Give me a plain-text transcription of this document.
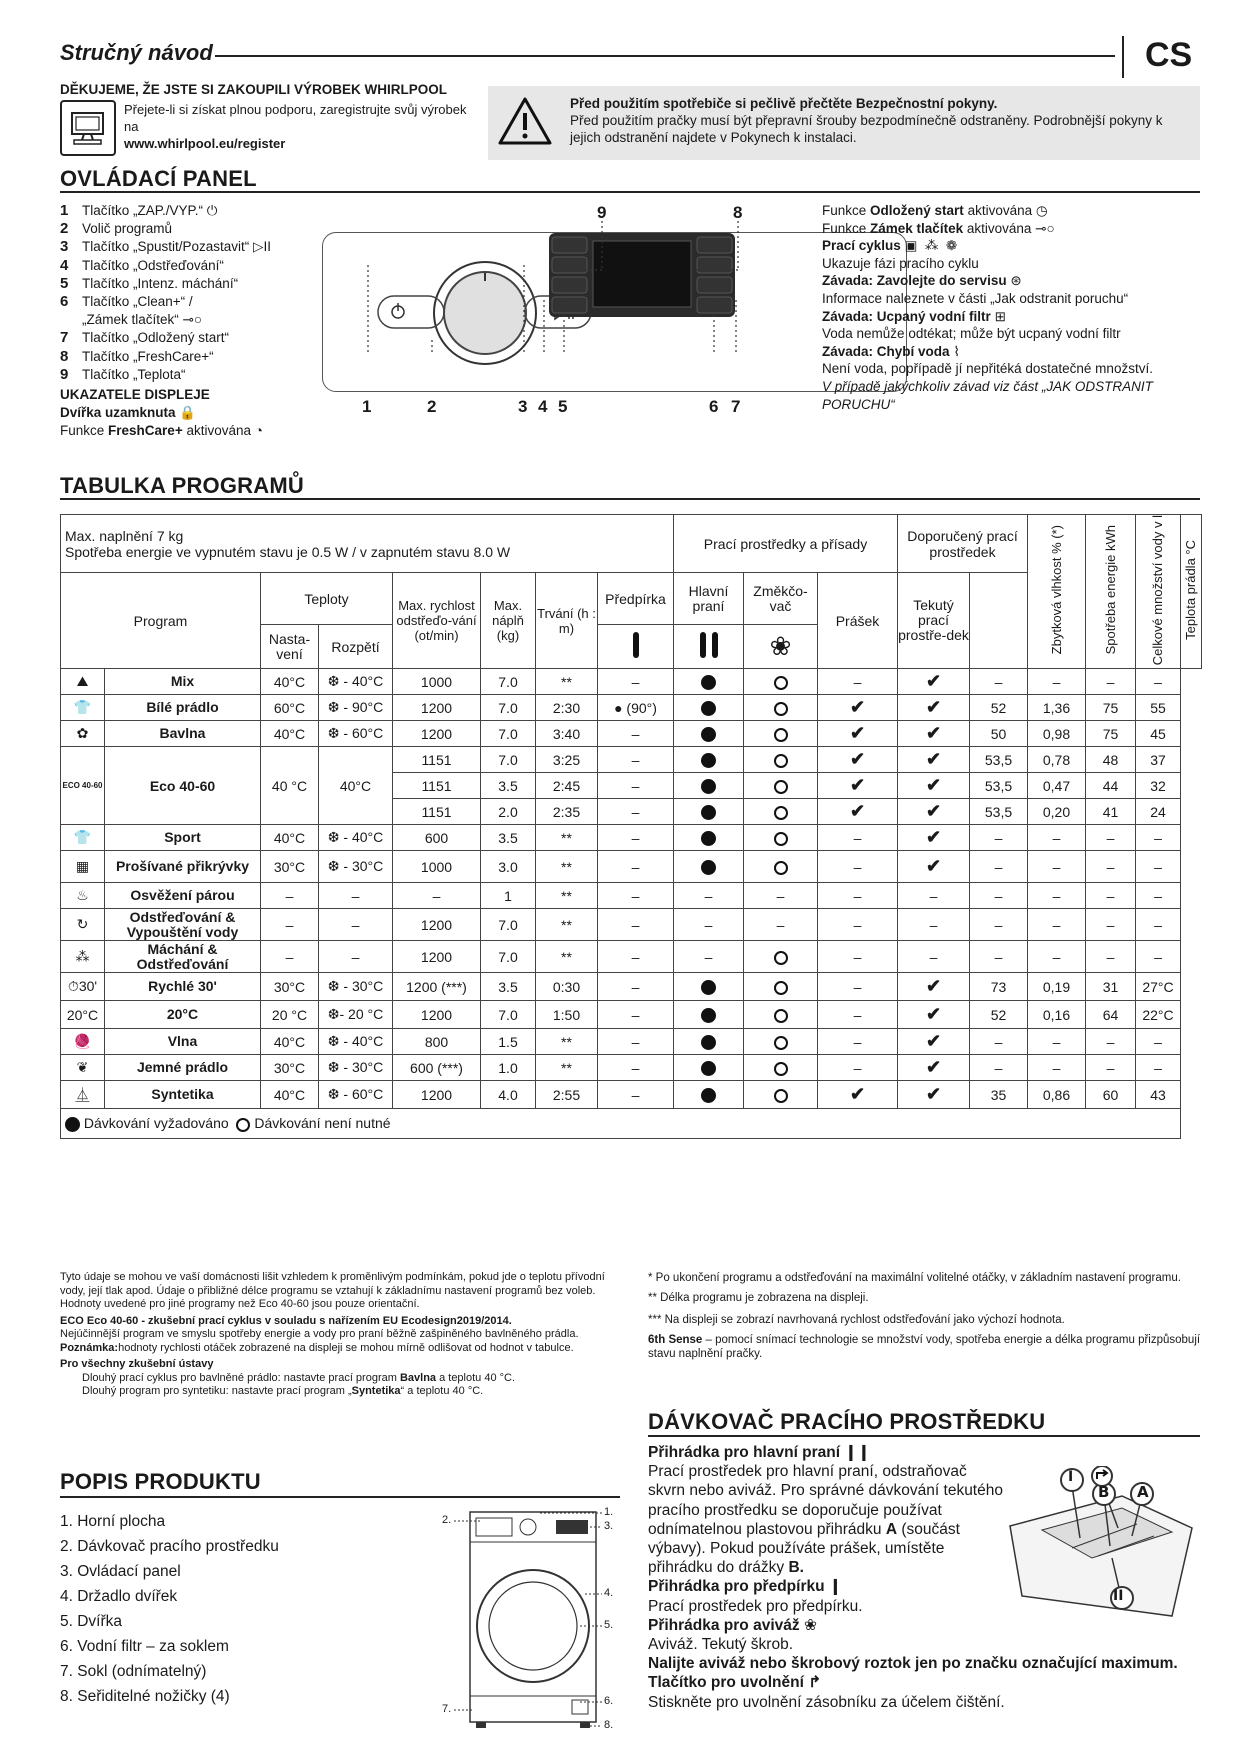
Stručný návod	CS
DĚKUJEME, ŽE JSTE SI ZAKOUPILI VÝROBEK WHIRLPOOL
Přejete-li si získat plnou podporu, zaregistrujte svůj výrobek na
www.whirlpool.eu/register
Před použitím spotřebiče si pečlivě přečtěte Bezpečnostní pokyny.
Před použitím pračky musí být přepravní šrouby bezpodmínečně odstraněny. Podrobnější pokyny k jejich odstranění najdete v Pokynech k instalaci.
OVLÁDACÍ PANEL
1 Tlačítko „ZAP./VYP.“ ⏻
2 Volič programů
3 Tlačítko „Spustit/Pozastavit“ ▷II
4 Tlačítko „Odstřeďování“
5 Tlačítko „Intenz. máchání“
6 Tlačítko „Clean+“ /
„Zámek tlačítek“ ⊸○
7 Tlačítko „Odložený start“
8 Tlačítko „FreshCare+“
9 Tlačítko „Teplota“
UKAZATELE DISPLEJE
Dvířka uzamknuta 🔒
Funkce FreshCare+ aktivována ◔
9	8
1	2	3 4 5	6 7
Funkce Odložený start aktivována ◷
Funkce Zámek tlačítek aktivována ⊸○
Prací cyklus ▣  ⁂  ❁
Ukazuje fázi pracího cyklu
Závada: Zavolejte do servisu ⊛
Informace naleznete v části „Jak odstranit poruchu“
Závada: Ucpaný vodní filtr ⊞
Voda nemůže odtékat; může být ucpaný vodní filtr
Závada: Chybí voda ⌇
Není voda, popřípadě jí nepřitéká dostatečné množství.
V případě jakýchkoliv závad viz část „JAK ODSTRANIT PORUCHU“
TABULKA PROGRAMŮ
Max. naplnění 7 kg
Spotřeba energie ve vypnutém stavu je 0.5 W / v zapnutém stavu 8.0 W								Prací prostředky a přísady			Doporučený prací prostředek		Zbytková vlhkost % (*)	Spotřeba energie kWh	Celkové množství vody v l	Teplota prádla °C
Program		Teploty		Max. rychlost odstřeďo-vání (ot/min)	Max. náplň (kg)	Trvání (h : m)	Předpírka	Hlavní praní	Změkčo-vač	Prášek	Tekutý prací prostře-dek					
		Nasta-vení	Rozpětí						❀							
⛰	Mix	40°C	❆ - 40°C	1000	7.0	**	–			–	✔	–	–	–	–	
👕	Bílé prádlo	60°C	❆ - 90°C	1200	7.0	2:30	● (90°)			✔	✔	52	1,36	75	55	
✿	Bavlna	40°C	❆ - 60°C	1200	7.0	3:40	–			✔	✔	50	0,98	75	45	
ECO 40-60	Eco 40-60	40 °C	40°C	1151	7.0	3:25	–			✔	✔	53,5	0,78	48	37	
				1151	3.5	2:45	–			✔	✔	53,5	0,47	44	32	
				1151	2.0	2:35	–			✔	✔	53,5	0,20	41	24	
👕	Sport	40°C	❆ - 40°C	600	3.5	**	–			–	✔	–	–	–	–	
▦	Prošívané přikrývky	30°C	❆ - 30°C	1000	3.0	**	–			–	✔	–	–	–	–	
♨	Osvěžení párou	–	–	–	1	**	–	–	–	–	–	–	–	–	–	
↻	Odstřeďování & Vypouštění vody	–	–	1200	7.0	**	–	–	–	–	–	–	–	–	–	
⁂	Máchání & Odstřeďování	–	–	1200	7.0	**	–	–		–	–	–	–	–	–	
⏱30'	Rychlé 30'	30°C	❆ - 30°C	1200 (***)	3.5	0:30	–			–	✔	73	0,19	31	27°C	
20°C	20°C	20 °C	❆- 20 °C	1200	7.0	1:50	–			–	✔	52	0,16	64	22°C	
🧶	Vlna	40°C	❆ - 40°C	800	1.5	**	–			–	✔	–	–	–	–	
❦	Jemné prádlo	30°C	❆ - 30°C	600 (***)	1.0	**	–			–	✔	–	–	–	–	
⏅	Syntetika	40°C	❆ - 60°C	1200	4.0	2:55	–			✔	✔	35	0,86	60	43	
Dávkování vyžadováno Dávkování není nutné																
Tyto údaje se mohou ve vaší domácnosti lišit vzhledem k proměnlivým podmínkám, pokud jde o teplotu přívodní vody, její tlak apod. Údaje o přibližné délce programu se vztahují k základnímu nastavení programů bez voleb. Hodnoty uvedené pro jiné programy než Eco 40-60 jsou pouze orientační.
ECO Eco 40-60 - zkušební prací cyklus v souladu s nařízením EU Ecodesign2019/2014.
Nejúčinnější program ve smyslu spotřeby energie a vody pro praní běžně zašpiněného bavlněného prádla.
Poznámka:hodnoty rychlosti otáček zobrazené na displeji se mohou mírně odlišovat od hodnot v tabulce.
Pro všechny zkušební ústavy
Dlouhý prací cyklus pro bavlněné prádlo: nastavte prací program Bavlna a teplotu 40 °C.
Dlouhý program pro syntetiku: nastavte prací program „Syntetika“ a teplotu 40 °C.
* Po ukončení programu a odstřeďování na maximální volitelné otáčky, v základním nastavení programu.
** Délka programu je zobrazena na displeji.
*** Na displeji se zobrazí navrhovaná rychlost odstřeďování jako výchozí hodnota.
6th Sense – pomocí snímací technologie se množství vody, spotřeba energie a délka programu přizpůsobují stavu naplnění pračky.
POPIS PRODUKTU
1. Horní plocha
2. Dávkovač pracího prostředku
3. Ovládací panel
4. Držadlo dvířek
5. Dvířka
6. Vodní filtr – za soklem
7. Sokl (odnímatelný)
8. Seřiditelné nožičky (4)
1.
2.	3.
4.
5.
6.
7.
8.
DÁVKOVAČ PRACÍHO PROSTŘEDKU
Přihrádka pro hlavní praní ❙❙
Prací prostředek pro hlavní praní, odstraňovač skvrn nebo aviváž. Pro správné dávkování tekutého pracího prostředku se doporučuje používat odnímatelnou plastovou přihrádku A (součást výbavy). Pokud používáte prášek, umístěte přihrádku do drážky B.
Přihrádka pro předpírku ❙
Prací prostředek pro předpírku.
Přihrádka pro aviváž ❀
Aviváž. Tekutý škrob.
Nalijte aviváž nebo škrobový roztok jen po značku označující maximum.
Tlačítko pro uvolnění ↱
Stiskněte pro uvolnění zásobníku za účelem čištění.
I
B A
II
